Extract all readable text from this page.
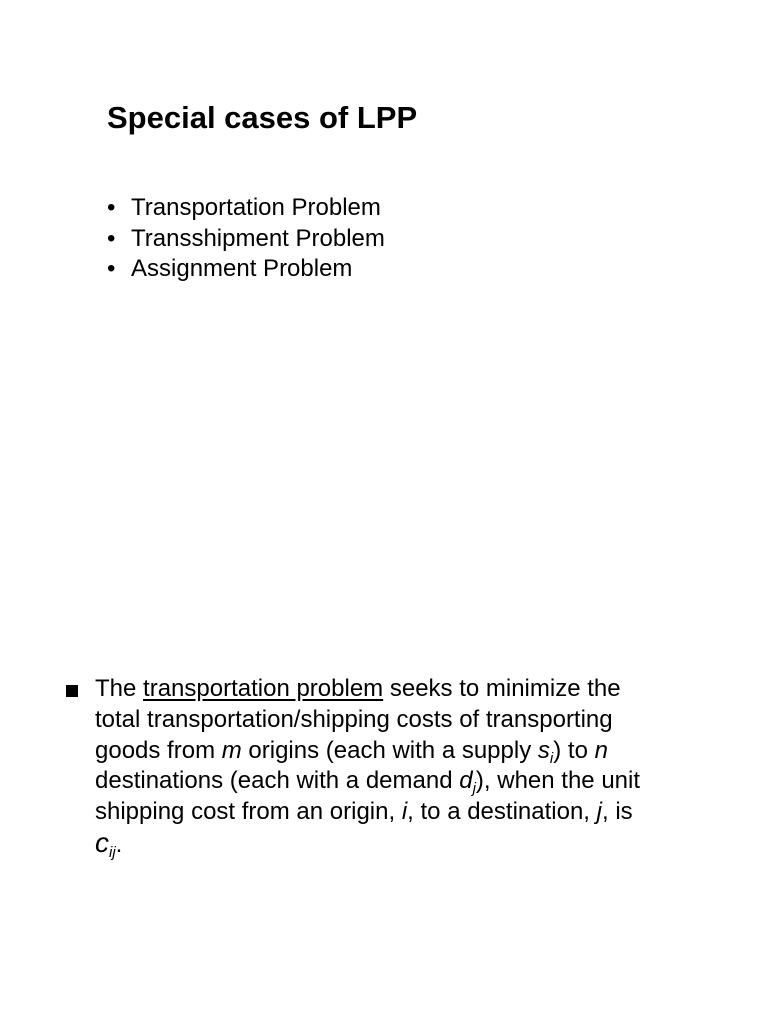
Special cases of LPP
• Transportation Problem
• Transshipment Problem
• Assignment Problem

The transportation problem seeks to minimize the
total transportation/shipping costs of transporting
goods from m origins (each with a supply $s_i$) to n
destinations (each with a demand $d_j$), when the unit
shipping cost from an origin, i, to a destination, j, is
$c_{ij}$.
